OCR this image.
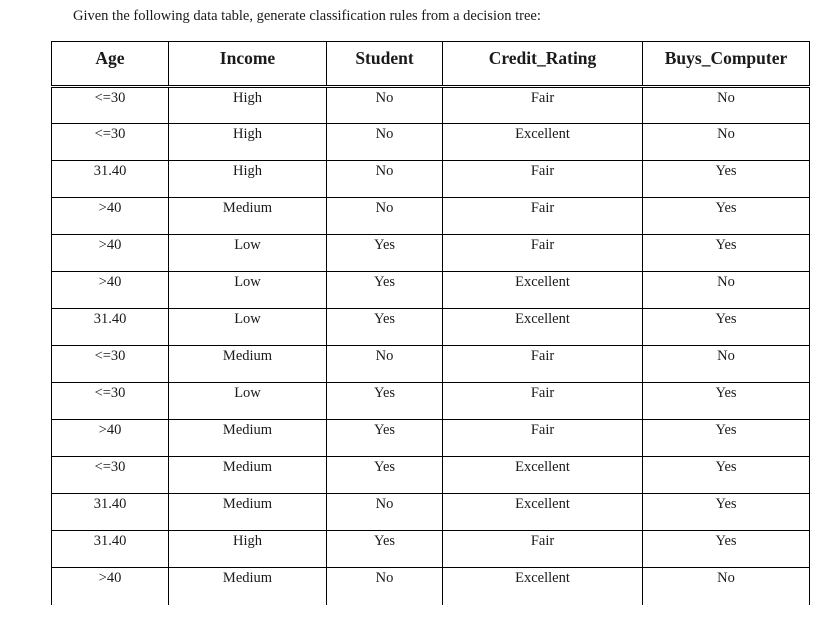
Given the following data table, generate classification rules from a decision tree:
Age	Income	Student	Credit_Rating	Buys_Computer
<=30	High	No	Fair	No
<=30	High	No	Excellent	No
31.40	High	No	Fair	Yes
>40	Medium	No	Fair	Yes
>40	Low	Yes	Fair	Yes
>40	Low	Yes	Excellent	No
31.40	Low	Yes	Excellent	Yes
<=30	Medium	No	Fair	No
<=30	Low	Yes	Fair	Yes
>40	Medium	Yes	Fair	Yes
<=30	Medium	Yes	Excellent	Yes
31.40	Medium	No	Excellent	Yes
31.40	High	Yes	Fair	Yes
>40	Medium	No	Excellent	No
